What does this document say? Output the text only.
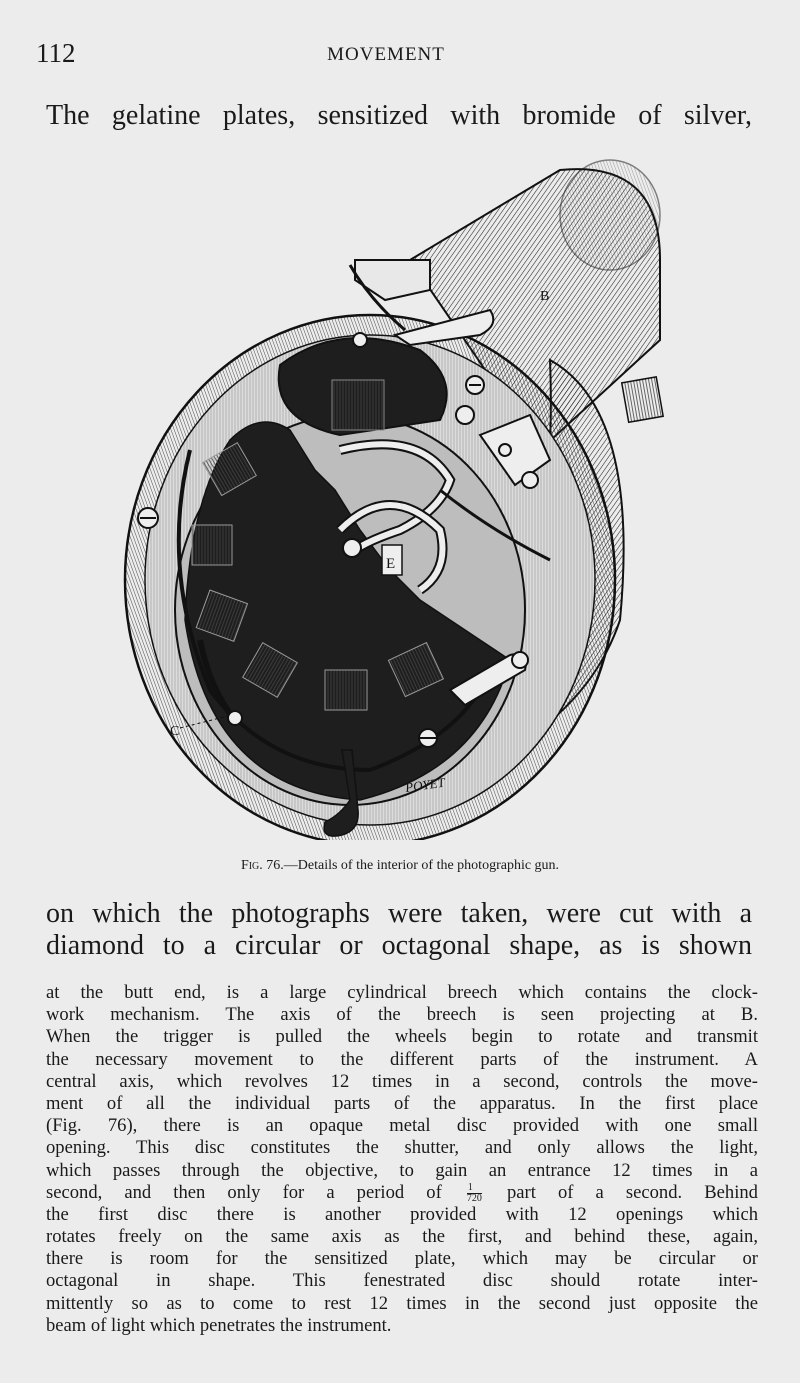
112	MOVEMENT
The gelatine plates, sensitized with bromide of silver,
E
C
B
POYET
Fig. 76.—Details of the interior of the photographic gun.
on which the photographs were taken, were cut with a
diamond to a circular or octagonal shape, as is shown
at the butt end, is a large cylindrical breech which contains the clock-
work mechanism. The axis of the breech is seen projecting at B.
When the trigger is pulled the wheels begin to rotate and transmit
the necessary movement to the different parts of the instrument. A
central axis, which revolves 12 times in a second, controls the move-
ment of all the individual parts of the apparatus. In the first place
(Fig. 76), there is an opaque metal disc provided with one small
opening. This disc constitutes the shutter, and only allows the light,
which passes through the objective, to gain an entrance 12 times in a
second, and then only for a period of	$\frac{1}{720}$ part of a second. Behind
the first disc there is another provided with 12 openings which
rotates freely on the same axis as the first, and behind these, again,
there is room for the sensitized plate, which may be circular or
octagonal in shape. This fenestrated disc should rotate inter-
mittently so as to come to rest 12 times in the second just opposite the
beam of light which penetrates the instrument.
